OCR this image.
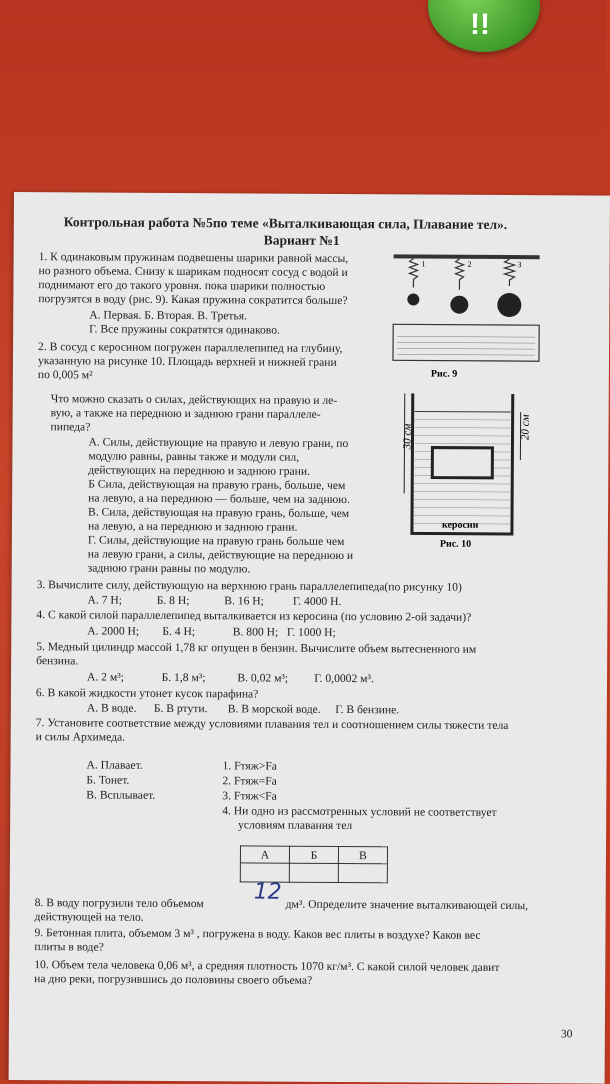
!!
Контрольная работа №5по теме «Выталкивающая сила, Плавание тел».
Вариант №1
1. К одинаковым пружинам подвешены шарики равной массы,
но разного объема. Снизу к шарикам подносят сосуд с водой и
поднимают его до такого уровня. пока шарики полностью
погрузятся в воду (рис. 9). Какая пружина сократится больше?
А. Первая. Б. Вторая. В. Третья.
Г. Все пружины сократятся одинаково.
1	2	3
Рис. 9
2. В сосуд с керосином погружен параллелепипед на глубину,
указанную на рисунке 10. Площадь верхней и нижней грани
по 0,005 м²
Что можно сказать о силах, действующих на правую и ле-
вую, а также на переднюю и заднюю грани параллеле-
пипеда?
А. Силы, действующие на правую и левую грани, по
модулю равны, равны также и модули сил,
действующих на переднюю и заднюю грани.
Б Сила, действующая на правую грань, больше, чем
на левую, а на переднюю — больше, чем на заднюю.
В. Сила, действующая на правую грань, больше, чем
на левую, а на переднюю и заднюю грани.
Г. Силы, действующие на правую грань больше чем
на левую грани, а силы, действующие на переднюю и
заднюю грани равны по модулю.
30 см	20 см
керосин
Рис. 10
3. Вычислите силу, действующую на верхнюю грань параллелепипеда(по рисунку 10)
А. 7 Н;            Б. 8 Н;            В. 16 Н;          Г. 4000 Н.
4. С какой силой параллелепипед выталкивается из керосина (по условию 2-ой задачи)?
А. 2000 Н;        Б. 4 Н;             В. 800 Н;   Г. 1000 Н;
5. Медный цилиндр массой 1,78 кг опущен в бензин. Вычислите объем вытесненного им
бензина.
А. 2 м³;             Б. 1,8 м³;           В. 0,02 м³;         Г. 0,0002 м³.
6. В какой жидкости утонет кусок парафина?
А. В воде.      Б. В ртути.       В. В морской воде.     Г. В бензине.
7. Установите соответствие между условиями плавания тел и соотношением силы тяжести тела
и силы Архимеда.
А. Плавает.
Б. Тонет.
В. Всплывает.
1. Fтяж>Fa
2. Fтяж=Fa
3. Fтяж<Fa
4. Ни одно из рассмотренных условий не соответствует
условиям плавания тел
А	Б	В

8. В воду погрузили тело объемом 12
дм³. Определите значение выталкивающей силы,
действующей на тело.
9. Бетонная плита, объемом 3 м³ , погружена в воду. Каков вес плиты в воздухе? Каков вес
плиты в воде?
10. Объем тела человека 0,06 м³, а средняя плотность 1070 кг/м³. С какой силой человек давит
на дно реки, погрузившись до половины своего объема?
30
